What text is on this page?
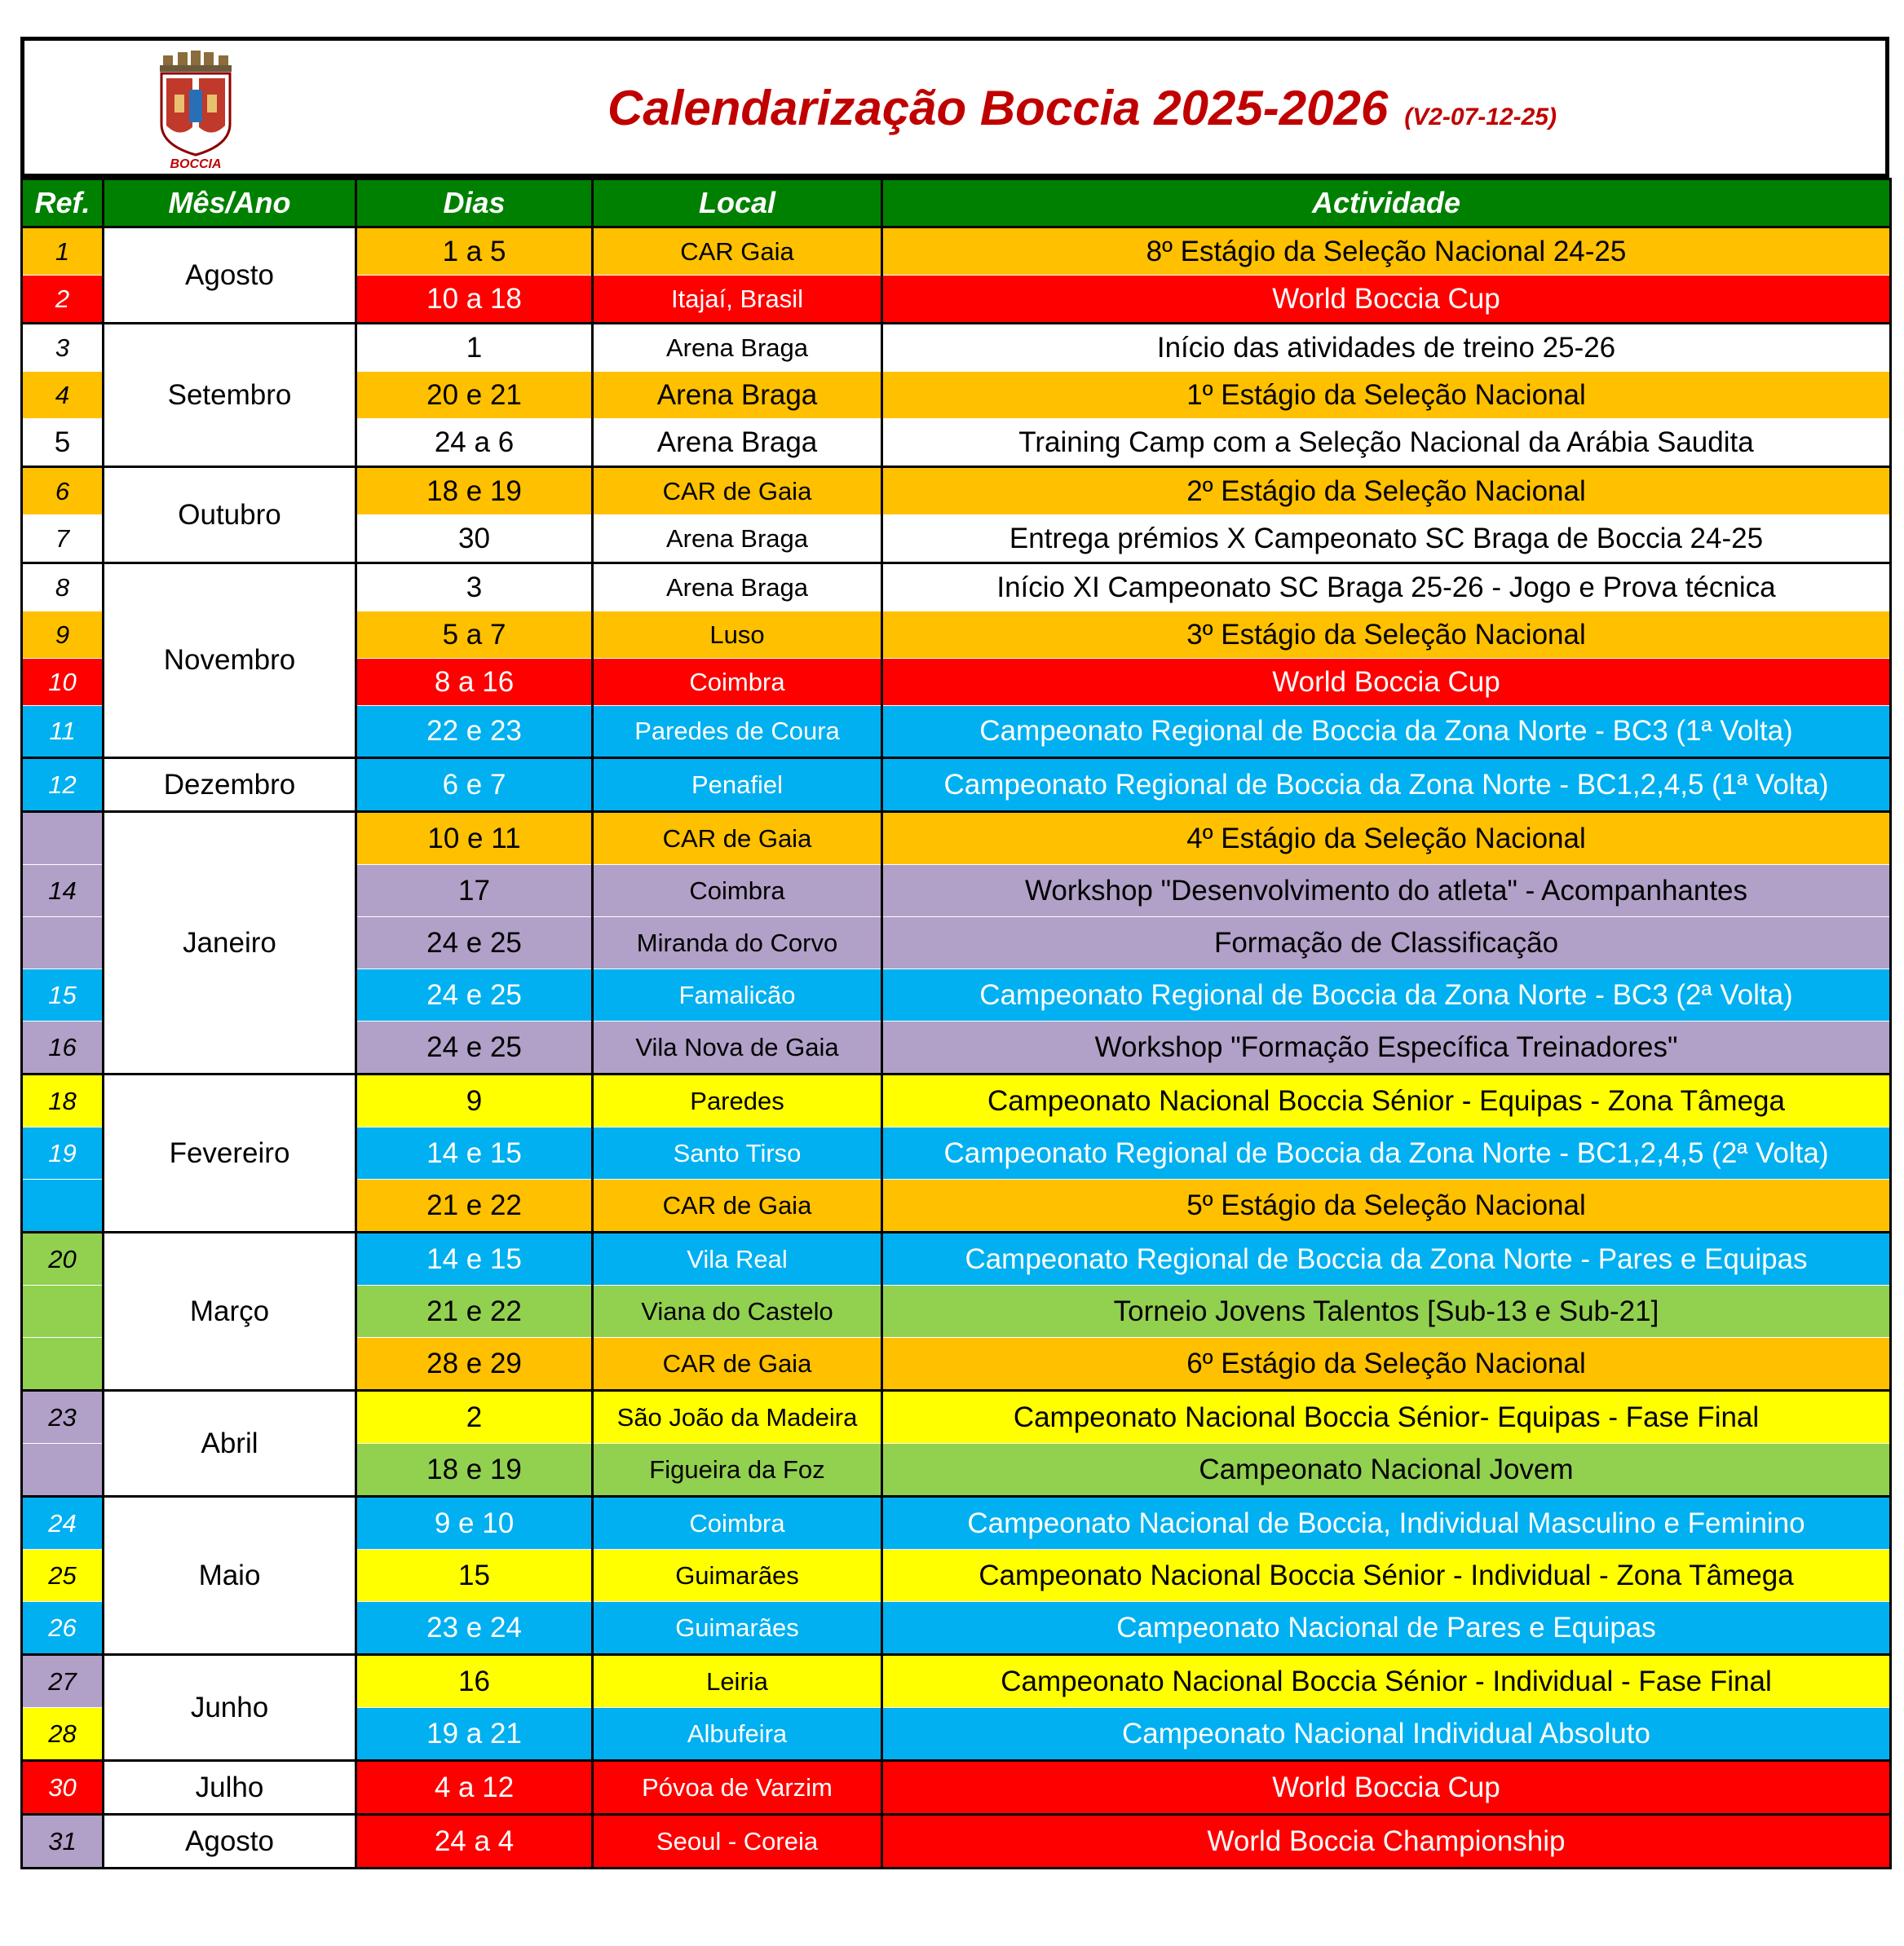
BOCCIA
Calendarização Boccia 2025-2026 (V2-07-12-25)
Ref.	Mês/Ano	Dias	Local	Actividade
1	Agosto	1 a 5	CAR Gaia	8º Estágio da Seleção Nacional 24-25
2		10 a 18	Itajaí, Brasil	World Boccia Cup
3	Setembro	1	Arena Braga	Início das atividades de treino 25-26
4		20 e 21	Arena Braga	1º Estágio da Seleção Nacional
5		24 a 6	Arena Braga	Training Camp com a Seleção Nacional da Arábia Saudita
6	Outubro	18 e 19	CAR de Gaia	2º Estágio da Seleção Nacional
7		30	Arena Braga	Entrega prémios X Campeonato SC Braga de Boccia 24-25
8	Novembro	3	Arena Braga	Início XI Campeonato SC Braga 25-26 - Jogo e Prova técnica
9		5 a 7	Luso	3º Estágio da Seleção Nacional
10		8 a 16	Coimbra	World Boccia Cup
11		22 e 23	Paredes de Coura	Campeonato Regional de Boccia da Zona Norte - BC3 (1ª Volta)
12	Dezembro	6 e 7	Penafiel	Campeonato Regional de Boccia da Zona Norte - BC1,2,4,5 (1ª Volta)
	Janeiro	10 e 11	CAR de Gaia	4º Estágio da Seleção Nacional
14		17	Coimbra	Workshop "Desenvolvimento do atleta" - Acompanhantes
		24 e 25	Miranda do Corvo	Formação de Classificação
15		24 e 25	Famalicão	Campeonato Regional de Boccia da Zona Norte - BC3 (2ª Volta)
16		24 e 25	Vila Nova de Gaia	Workshop "Formação Específica Treinadores"
18	Fevereiro	9	Paredes	Campeonato Nacional Boccia Sénior - Equipas - Zona Tâmega
19		14 e 15	Santo Tirso	Campeonato Regional de Boccia da Zona Norte - BC1,2,4,5 (2ª Volta)
		21 e 22	CAR de Gaia	5º Estágio da Seleção Nacional
20	Março	14 e 15	Vila Real	Campeonato Regional de Boccia da Zona Norte - Pares e Equipas
		21 e 22	Viana do Castelo	Torneio Jovens Talentos [Sub-13 e Sub-21]
		28 e 29	CAR de Gaia	6º Estágio da Seleção Nacional
23	Abril	2	São João da Madeira	Campeonato Nacional Boccia Sénior- Equipas - Fase Final
		18 e 19	Figueira da Foz	Campeonato Nacional Jovem
24	Maio	9 e 10	Coimbra	Campeonato Nacional de Boccia, Individual Masculino e Feminino
25		15	Guimarães	Campeonato Nacional Boccia Sénior - Individual - Zona Tâmega
26		23 e 24	Guimarães	Campeonato Nacional de Pares e Equipas
27	Junho	16	Leiria	Campeonato Nacional Boccia Sénior - Individual - Fase Final
28		19 a 21	Albufeira	Campeonato Nacional Individual Absoluto
30	Julho	4 a 12	Póvoa de Varzim	World Boccia Cup
31	Agosto	24 a 4	Seoul - Coreia	World Boccia Championship
